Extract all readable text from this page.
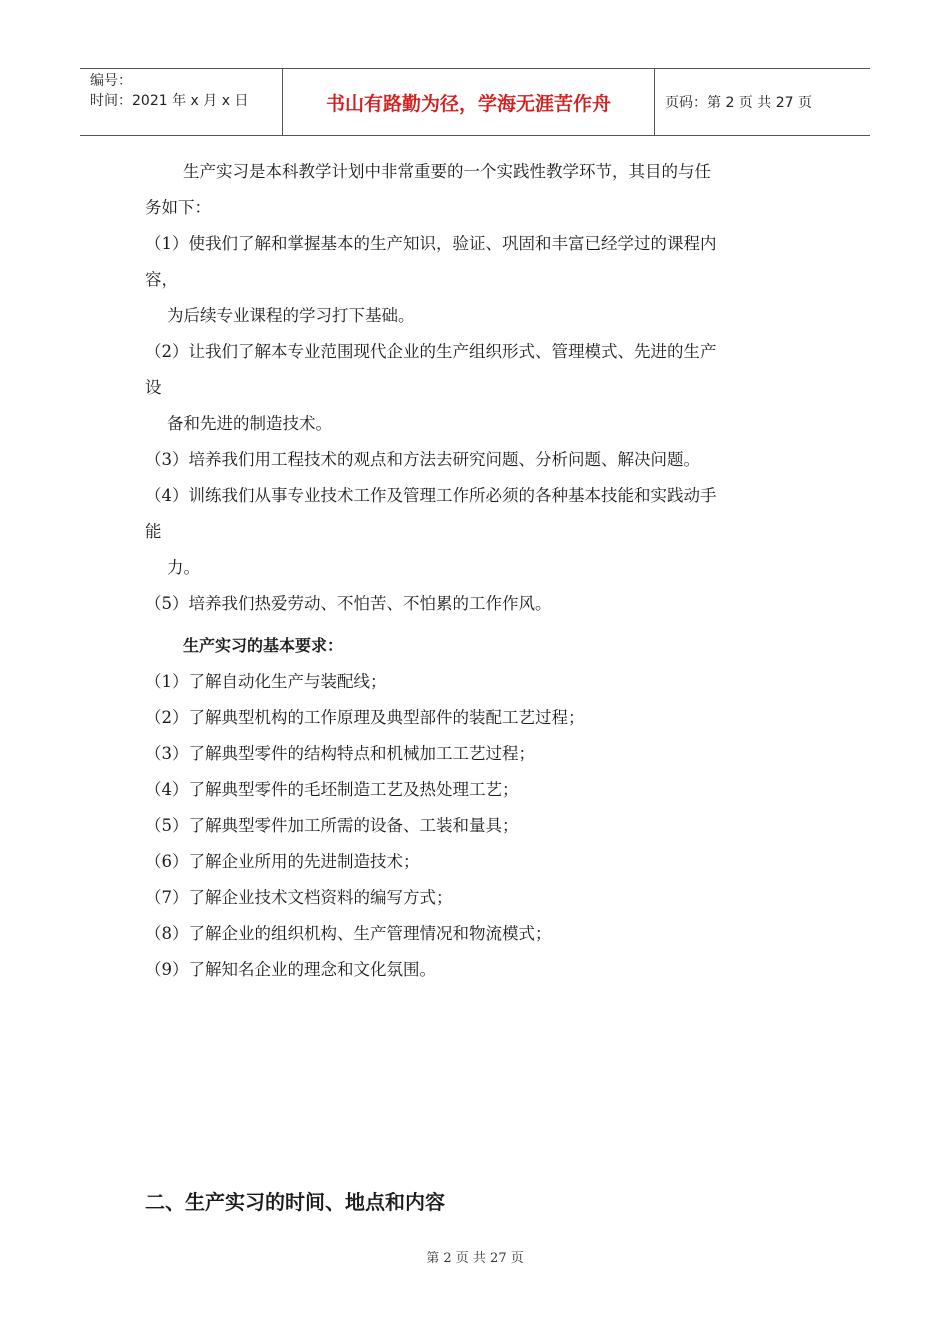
编号：
时间：2021 年 x 月 x 日	书山有路勤为径，学海无涯苦作舟	页码：第 2 页 共 27 页
生产实习是本科教学计划中非常重要的一个实践性教学环节，其目的与任
务如下：
（1）使我们了解和掌握基本的生产知识，验证、巩固和丰富已经学过的课程内
容，
为后续专业课程的学习打下基础。
（2）让我们了解本专业范围现代企业的生产组织形式、管理模式、先进的生产
设
备和先进的制造技术。
（3）培养我们用工程技术的观点和方法去研究问题、分析问题、解决问题。
（4）训练我们从事专业技术工作及管理工作所必须的各种基本技能和实践动手
能
力。
（5）培养我们热爱劳动、不怕苦、不怕累的工作作风。
生产实习的基本要求：
（1）了解自动化生产与装配线；
（2）了解典型机构的工作原理及典型部件的装配工艺过程；
（3）了解典型零件的结构特点和机械加工工艺过程；
（4）了解典型零件的毛坯制造工艺及热处理工艺；
（5）了解典型零件加工所需的设备、工装和量具；
（6）了解企业所用的先进制造技术；
（7）了解企业技术文档资料的编写方式；
（8）了解企业的组织机构、生产管理情况和物流模式；
（9）了解知名企业的理念和文化氛围。
二、生产实习的时间、地点和内容
第 2 页 共 27 页
